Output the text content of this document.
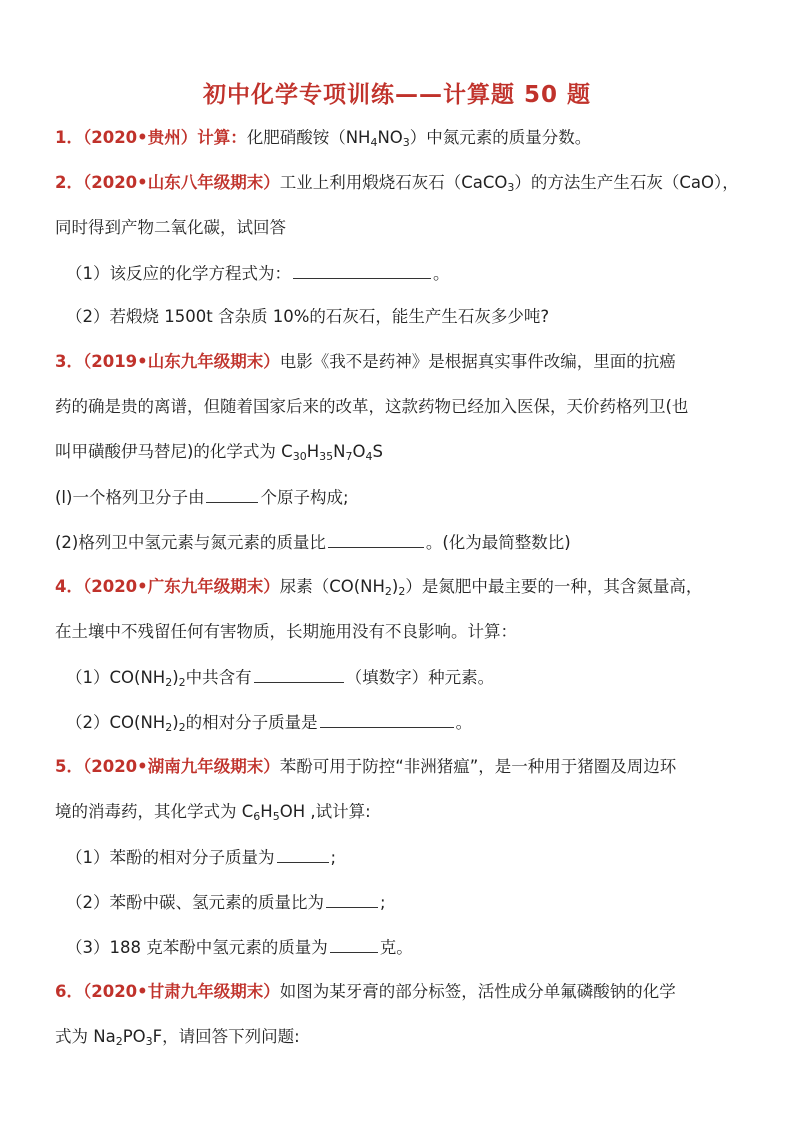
初中化学专项训练——计算题 50 题
1．（2020•贵州）计算：化肥硝酸铵$(NH_4NO_3)$中氮元素的质量分数。
2．（2020•山东八年级期末）工业上利用煅烧石灰石（CaCO$_3$）的方法生产生石灰（CaO），
同时得到产物二氧化碳，试回答
（1）该反应的化学方程式为：	。
（2）若煅烧 1500t 含杂质 10%的石灰石，能生产生石灰多少吨?
3．（2019•山东九年级期末）电影《我不是药神》是根据真实事件改编，里面的抗癌
药的确是贵的离谱，但随着国家后来的改革，这款药物已经加入医保，天价药格列卫(也
叫甲磺酸伊马替尼)的化学式为 $C_{30}H_{35}N_7O_4S$
(l)一个格列卫分子由	个原子构成;
(2)格列卫中氢元素与氮元素的质量比	。(化为最简整数比)
4．（2020•广东九年级期末）尿素$(CO(NH_2)_2)$是氮肥中最主要的一种，其含氮量高，
在土壤中不残留任何有害物质，长期施用没有不良影响。计算：
$(1)CO(NH_2)_2$中共含有	（填数字）种元素。
$(2)CO(NH_2)_2$的相对分子质量是	。
5．（2020•湖南九年级期末）苯酚可用于防控“非洲猪瘟”，是一种用于猪圈及周边环
境的消毒药，其化学式为 $C_6H_5OH$ ,试计算:
（1）苯酚的相对分子质量为	;
（2）苯酚中碳、氢元素的质量比为	;
（3）188 克苯酚中氢元素的质量为	克。
6．（2020•甘肃九年级期末）如图为某牙膏的部分标签，活性成分单氟磷酸钠的化学
式为 $Na_2PO_3F$，请回答下列问题:
